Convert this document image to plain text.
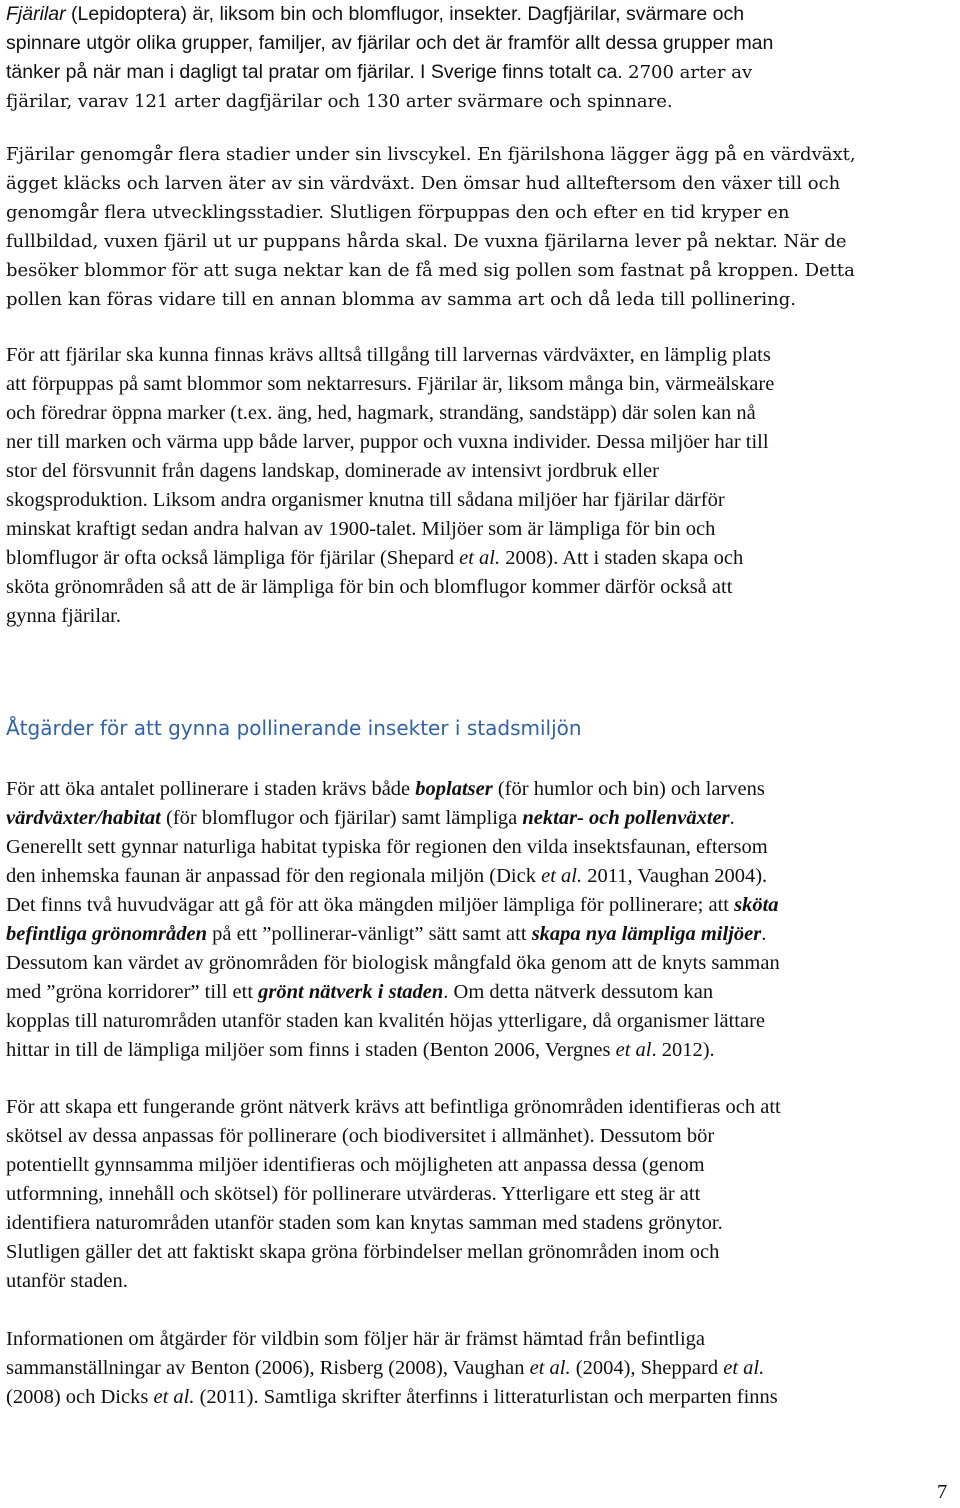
Fjärilar (Lepidoptera) är, liksom bin och blomflugor, insekter. Dagfjärilar, svärmare och
spinnare utgör olika grupper, familjer, av fjärilar och det är framför allt dessa grupper man
tänker på när man i dagligt tal pratar om fjärilar. I Sverige finns totalt ca. 2700 arter av
fjärilar, varav 121 arter dagfjärilar och 130 arter svärmare och spinnare.
Fjärilar genomgår flera stadier under sin livscykel. En fjärilshona lägger ägg på en värdväxt,
ägget kläcks och larven äter av sin värdväxt. Den ömsar hud allteftersom den växer till och
genomgår flera utvecklingsstadier. Slutligen förpuppas den och efter en tid kryper en
fullbildad, vuxen fjäril ut ur puppans hårda skal. De vuxna fjärilarna lever på nektar. När de
besöker blommor för att suga nektar kan de få med sig pollen som fastnat på kroppen. Detta
pollen kan föras vidare till en annan blomma av samma art och då leda till pollinering.
För att fjärilar ska kunna finnas krävs alltså tillgång till larvernas värdväxter, en lämplig plats
att förpuppas på samt blommor som nektarresurs. Fjärilar är, liksom många bin, värmeälskare
och föredrar öppna marker (t.ex. äng, hed, hagmark, strandäng, sandstäpp) där solen kan nå
ner till marken och värma upp både larver, puppor och vuxna individer. Dessa miljöer har till
stor del försvunnit från dagens landskap, dominerade av intensivt jordbruk eller
skogsproduktion. Liksom andra organismer knutna till sådana miljöer har fjärilar därför
minskat kraftigt sedan andra halvan av 1900-talet. Miljöer som är lämpliga för bin och
blomflugor är ofta också lämpliga för fjärilar (Shepard et al. 2008). Att i staden skapa och
sköta grönområden så att de är lämpliga för bin och blomflugor kommer därför också att
gynna fjärilar.
För att öka antalet pollinerare i staden krävs både boplatser (för humlor och bin) och larvens
värdväxter/habitat (för blomflugor och fjärilar) samt lämpliga nektar- och pollenväxter.
Generellt sett gynnar naturliga habitat typiska för regionen den vilda insektsfaunan, eftersom
den inhemska faunan är anpassad för den regionala miljön (Dick et al. 2011, Vaughan 2004).
Det finns två huvudvägar att gå för att öka mängden miljöer lämpliga för pollinerare; att sköta
befintliga grönområden på ett ”pollinerar-vänligt” sätt samt att skapa nya lämpliga miljöer.
Dessutom kan värdet av grönområden för biologisk mångfald öka genom att de knyts samman
med ”gröna korridorer” till ett grönt nätverk i staden. Om detta nätverk dessutom kan
kopplas till naturområden utanför staden kan kvalitén höjas ytterligare, då organismer lättare
hittar in till de lämpliga miljöer som finns i staden (Benton 2006, Vergnes et al. 2012).
För att skapa ett fungerande grönt nätverk krävs att befintliga grönområden identifieras och att
skötsel av dessa anpassas för pollinerare (och biodiversitet i allmänhet). Dessutom bör
potentiellt gynnsamma miljöer identifieras och möjligheten att anpassa dessa (genom
utformning, innehåll och skötsel) för pollinerare utvärderas. Ytterligare ett steg är att
identifiera naturområden utanför staden som kan knytas samman med stadens grönytor.
Slutligen gäller det att faktiskt skapa gröna förbindelser mellan grönområden inom och
utanför staden.
Informationen om åtgärder för vildbin som följer här är främst hämtad från befintliga
sammanställningar av Benton (2006), Risberg (2008), Vaughan et al. (2004), Sheppard et al.
(2008) och Dicks et al. (2011). Samtliga skrifter återfinns i litteraturlistan och merparten finns
Åtgärder för att gynna pollinerande insekter i stadsmiljön
7
